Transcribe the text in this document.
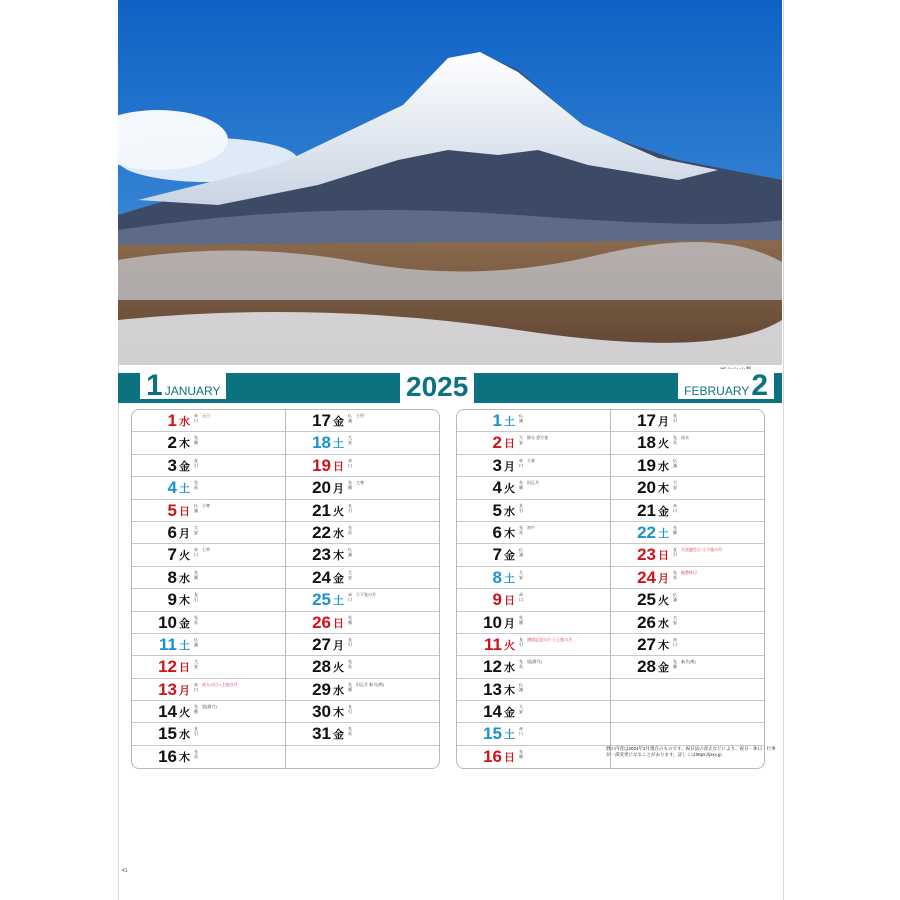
1 JANUARY	2025	FEBRUARY2
1 水
赤口
元日
2 木
先勝
3 金
友引
4 土
先負
5 日
仏滅
小寒
6 月
大安
7 火
赤口
七草
8 水
先勝
9 木
友引
10 金
先負
11 土
仏滅
12 日
大安
13 月
赤口
成人の日 ○上弦の月
14 火
先勝
望(満月)
15 水
友引
16 木
先負
17 金
仏滅
土用
18 土
大安
19 日
赤口
20 月
先勝
大寒
21 火
友引
22 水
先負
23 木
仏滅
24 金
大安
25 土
赤口
①下弦の月
26 日
先勝
27 月
友引
28 火
先負
29 水
先勝
旧正月 新月(朔)
30 木
友引
31 金
先負
1 土
仏滅
2 日
大安
節分 恵方巻
3 月
赤口
立春
4 火
先勝
旧正月
5 水
友引
6 木
先負
初午
7 金
仏滅
8 土
大安
9 日
赤口
10 月
先勝
11 火
友引
建国記念の日 ①上弦の月
12 水
先負
望(満月)
13 木
仏滅
14 金
大安
15 土
赤口
16 日
先勝
17 月
友引
18 火
先負
雨水
19 水
仏滅
20 木
大安
21 金
赤口
22 土
先勝
23 日
友引
天皇誕生日 ①下弦の月
24 月
先負
振替休日
25 火
仏滅
26 水
大安
27 木
赤口
28 金
先勝
新月(朔)
暦の内容は2024年2月現在のものです。祝日法の改正などにより、祝日・休日・行事が一部変更になることがあります。詳しくはhttps://jxxx.jp
41
